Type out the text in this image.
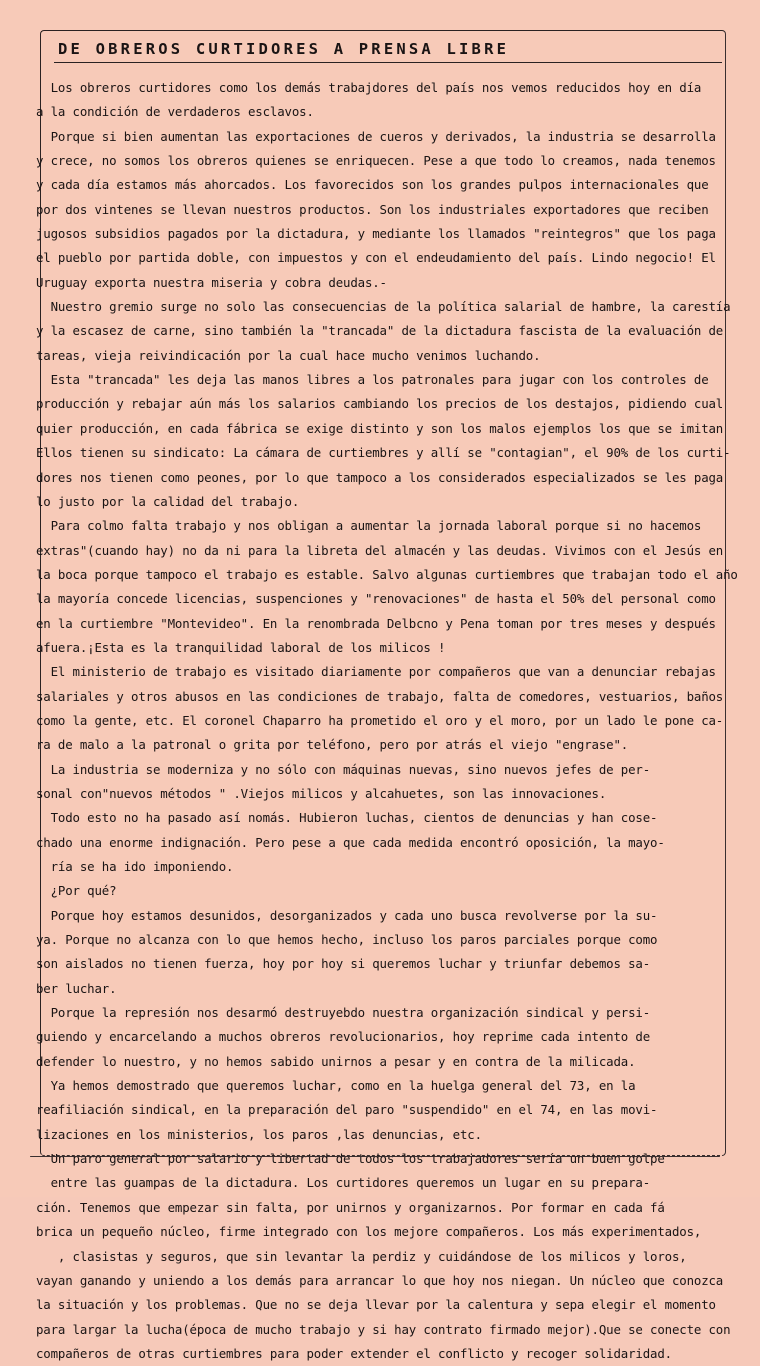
DE OBREROS CURTIDORES A PRENSA LIBRE
Los obreros curtidores como los demás trabajdores del país nos vemos reducidos hoy en día
a la condición de verdaderos esclavos.
Porque si bien aumentan las exportaciones de cueros y derivados, la industria se desarrolla
y crece, no somos los obreros quienes se enriquecen. Pese a que todo lo creamos, nada tenemos
y cada día estamos más ahorcados. Los favorecidos son los grandes pulpos internacionales que
por dos vintenes se llevan nuestros productos. Son los industriales exportadores que reciben
jugosos subsidios pagados por la dictadura, y mediante los llamados "reintegros" que los paga
el pueblo por partida doble, con impuestos y con el endeudamiento del país. Lindo negocio! El
Uruguay exporta nuestra miseria y cobra deudas.-
Nuestro gremio surge no solo las consecuencias de la política salarial de hambre, la carestía
y la escasez de carne, sino también la "trancada" de la dictadura fascista de la evaluación de
tareas, vieja reivindicación por la cual hace mucho venimos luchando.
Esta "trancada" les deja las manos libres a los patronales para jugar con los controles de
producción y rebajar aún más los salarios cambiando los precios de los destajos, pidiendo cual
quier producción, en cada fábrica se exige distinto y son los malos ejemplos los que se imitan
Ellos tienen su sindicato: La cámara de curtiembres y allí se "contagian", el 90% de los curti-
dores nos tienen como peones, por lo que tampoco a los considerados especializados se les paga
lo justo por la calidad del trabajo.
Para colmo falta trabajo y nos obligan a aumentar la jornada laboral porque si no hacemos
extras"(cuando hay) no da ni para la libreta del almacén y las deudas. Vivimos con el Jesús en
la boca porque tampoco el trabajo es estable. Salvo algunas curtiembres que trabajan todo el año
la mayoría concede licencias, suspenciones y "renovaciones" de hasta el 50% del personal como
en la curtiembre "Montevideo". En la renombrada Delbcno y Pena toman por tres meses y después
afuera.¡Esta es la tranquilidad laboral de los milicos !
El ministerio de trabajo es visitado diariamente por compañeros que van a denunciar rebajas
salariales y otros abusos en las condiciones de trabajo, falta de comedores, vestuarios, baños
como la gente, etc. El coronel Chaparro ha prometido el oro y el moro, por un lado le pone ca-
ra de malo a la patronal o grita por teléfono, pero por atrás el viejo "engrase".
La industria se moderniza y no sólo con máquinas nuevas, sino nuevos jefes de per-
sonal con"nuevos métodos " .Viejos milicos y alcahuetes, son las innovaciones.
Todo esto no ha pasado así nomás. Hubieron luchas, cientos de denuncias y han cose-
chado una enorme indignación. Pero pese a que cada medida encontró oposición, la mayo-
ría se ha ido imponiendo.
¿Por qué?
Porque hoy estamos desunidos, desorganizados y cada uno busca revolverse por la su-
ya. Porque no alcanza con lo que hemos hecho, incluso los paros parciales porque como
son aislados no tienen fuerza, hoy por hoy si queremos luchar y triunfar debemos sa-
ber luchar.
Porque la represión nos desarmó destruyebdo nuestra organización sindical y persi-
guiendo y encarcelando a muchos obreros revolucionarios, hoy reprime cada intento de
defender lo nuestro, y no hemos sabido unirnos a pesar y en contra de la milicada.
Ya hemos demostrado que queremos luchar, como en la huelga general del 73, en la
reafiliación sindical, en la preparación del paro "suspendido" en el 74, en las movi-
lizaciones en los ministerios, los paros ,las denuncias, etc.
Un paro general por salario y libertad de todos los trabajadores sería un buen golpe
entre las guampas de la dictadura. Los curtidores queremos un lugar en su prepara-
ción. Tenemos que empezar sin falta, por unirnos y organizarnos. Por formar en cada fá
brica un pequeño núcleo, firme integrado con los mejore compañeros. Los más experimentados,
, clasistas y seguros, que sin levantar la perdiz y cuidándose de los milicos y loros,
vayan ganando y uniendo a los demás para arrancar lo que hoy nos niegan. Un núcleo que conozca
la situación y los problemas. Que no se deja llevar por la calentura y sepa elegir el momento
para largar la lucha(época de mucho trabajo y si hay contrato firmado mejor).Que se conecte con
compañeros de otras curtiembres para poder extender el conflicto y recoger solidaridad.
